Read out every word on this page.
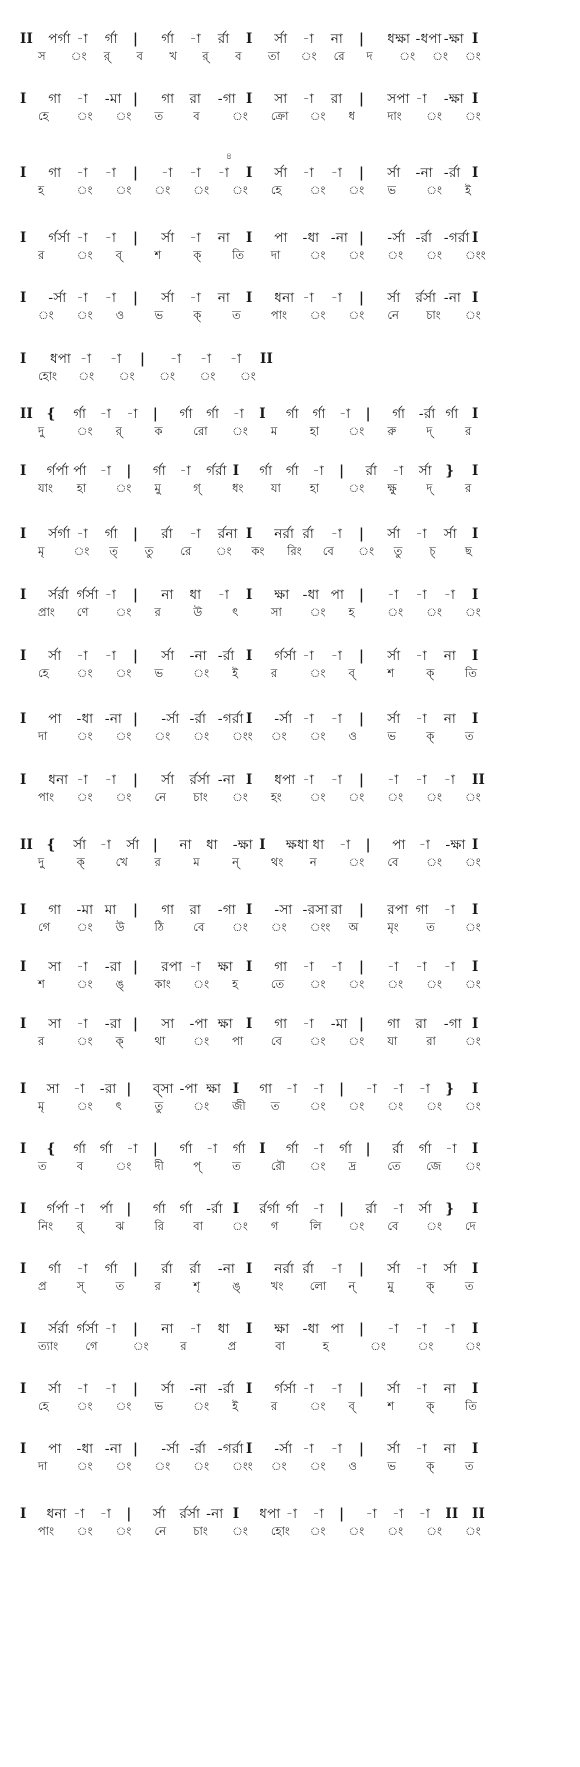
II পর্গা -া র্গা | র্গা -া র্রা I র্সা -া না | ধক্ষা -ধপা -ক্ষা I
স ং র্ ব খ র্ ব তা ং রে দ ং ং ং
I গা -া -মা | গা রা -গা I সা -া রা | সপা -া -ক্ষা I
হে ং ং ত	ব	ং ক্রো ং ধ	দাং ং ং
I গা -া -া | -া -া -া I র্সা -া -া | র্সা -না -র্রা I
হ	ং ং ং ং ং হে ং ং ভ	ং ই
৪
I র্গর্সা -া -া | র্সা -া না I পা -ধা -না | -র্সা -র্রা -গর্রা I
র	ং ব্	শ	ক্	তি দা	ং ং ং ং ংং
I -র্সা -া -া | র্সা -া না I ধনা -া -া | র্সা র্রর্সা -না I
ং ং ও	ভ	ক্	ত	পাং ং ং নে চাং ং
I ধপা -া -া | -া -া -া II
হোং ং ং ং ং ং
II { র্গা -া -া | র্গা র্গা -া I র্গা র্গা -া | র্গা -র্রা র্গা I
দু	ং র্	ক	রো ং ম	হা	ং রু	দ্	র
I র্গর্পা র্পা -া | র্গা -া র্গর্রা I র্গা র্গা -া | র্রা -া র্সা } I
যাং হা	ং মু	গ্	ধং যা	হা	ং ক্ষু	দ্	র
I র্সর্গা -া র্গা | র্রা -া র্রনা I নর্রা র্রা -া | র্সা -া র্সা I
মৃ	ং ত্ তু রে ং কং রিং বে ং তু চ্	ছ
I র্সর্রা র্গর্সা -া | না ধা -া I ক্ষা -ধা পা | -া -া -া I
প্রাং ণে ং র	উ	ৎ	সা ং হ	ং ং ং
I র্সা -া -া | র্সা -না -র্রা I র্গর্সা -া -া | র্সা -া না I
হে ং ং ভ	ং ই	র	ং ব্	শ	ক্	তি
I পা -ধা -না | -র্সা -র্রা -গর্রা I -র্সা -া -া | র্সা -া না I
দা	ং ং ং ং ংং ং ং ও	ভ	ক্	ত
I ধনা -া -া | র্সা র্রর্সা -না I ধপা -া -া | -া -া -া II
পাং ং ং নে চাং ং হং ং ং ং ং ং
II { র্সা -া র্সা | না ধা -ক্ষা I ক্ষধা ধা -া | পা -া -ক্ষা I
দু	ক্	খে র	ম	ন্	থং ন	ং বে ং ং
I গা -মা মা | গা রা -গা I -সা -রসা রা | রপা গা -া I
গে ং উ	ঠি	বে ং ং ংং অ	মৃং ত	ং
I সা -া -রা | রপা -া ক্ষা I গা -া -া | -া -া -া I
শ	ং ঙ্	কাং ং হ	তে ং ং ং ং ং
I সা -া -রা | সা -পা ক্ষা I গা -া -মা | গা রা -গা I
র	ং ক্	থা ং পা বে ং ং যা	রা	ং
I সা -া -রা | ব্সা -পা ক্ষা I গা -া -া | -া -া -া } I
মৃ	ং ৎ	তু	ং জী ত	ং ং ং ং ং
I { র্গা র্গা -া | র্গা -া র্গা I র্গা -া র্গা | র্রা র্গা -া I
ত	ব	ং দী	প্	ত	রৌ ং দ্র	তে জে ং
I র্গর্পা -া র্পা | র্গা র্গা -র্রা I র্রর্গা র্গা -া | র্রা -া র্সা } I
নিং র্	ঝ	রি	বা	ং গ	লি ং বে ং দে
I র্গা -া র্গা | র্রা র্রা -না I নর্রা র্রা -া | র্সা -া র্সা I
প্র	স্	ত	র	শৃ	ঙ্	খং লো ন্	মু	ক্	ত
I র্সর্রা র্গর্সা -া | না -া ধা I ক্ষা -ধা পা | -া -া -া I
ত্যাং গে	ং	র	প্র	বা	হ	ং	ং	ং
I র্সা -া -া | র্সা -না -র্রা I র্গর্সা -া -া | র্সা -া না I
হে ং ং ভ	ং ই	র	ং ব্	শ	ক্	তি
I পা -ধা -না | -র্সা -র্রা -গর্রা I -র্সা -া -া | র্সা -া না I
দা	ং ং ং ং ংং ং ং ও	ভ	ক্	ত
I ধনা -া -া | র্সা র্রর্সা -না I ধপা -া -া | -া -া -া II II
পাং ং ং নে চাং ং হোং ং ং ং ং ং
